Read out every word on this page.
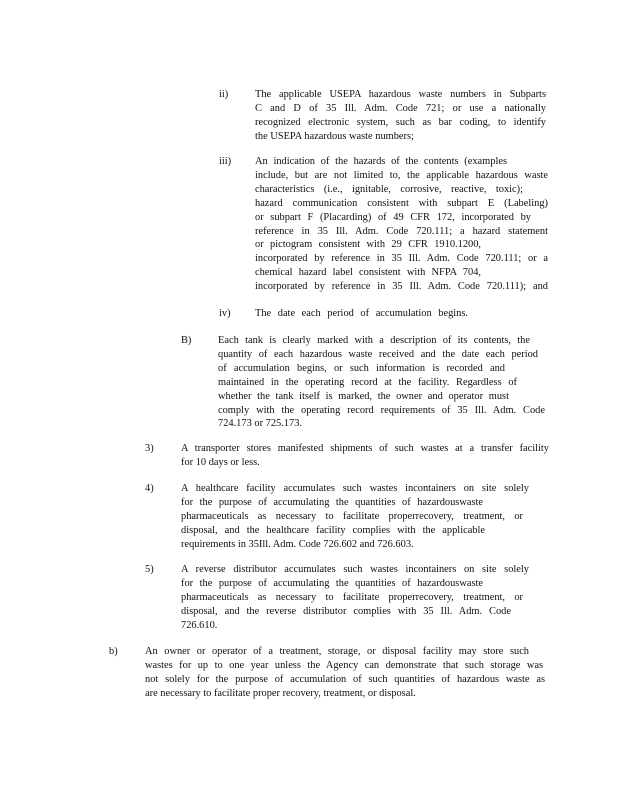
ii)	The applicable USEPA hazardous waste numbers in Subparts
C and D of 35 Ill. Adm. Code 721; or use a nationally
recognized electronic system, such as bar coding, to identify
the USEPA hazardous waste numbers;
iii) An indication of the hazards of the contents (examples
include, but are not limited to, the applicable hazardous waste
characteristics (i.e., ignitable, corrosive, reactive, toxic);
hazard communication consistent with subpart E (Labeling)
or subpart F (Placarding) of 49 CFR 172, incorporated by
reference in 35 Ill. Adm. Code 720.111; a hazard statement
or pictogram consistent with 29 CFR 1910.1200,
incorporated by reference in 35 Ill. Adm. Code 720.111; or a
chemical hazard label consistent with NFPA 704,
incorporated by reference in 35 Ill. Adm. Code 720.111); and
iv) The date each period of accumulation begins.
B)	Each tank is clearly marked with a description of its contents, the
quantity of each hazardous waste received and the date each period
of accumulation begins, or such information is recorded and
maintained in the operating record at the facility. Regardless of
whether the tank itself is marked, the owner and operator must
comply with the operating record requirements of 35 Ill. Adm. Code
724.173 or 725.173.
3)	A transporter stores manifested shipments of such wastes at a transfer facility
for 10 days or less.
4)	A healthcare facility accumulates such wastes incontainers on site solely
for the purpose of accumulating the quantities of hazardouswaste
pharmaceuticals as necessary to facilitate properrecovery, treatment, or
disposal, and the healthcare facility complies with the applicable
requirements in 35Ill. Adm. Code 726.602 and 726.603.
5)	A reverse distributor accumulates such wastes incontainers on site solely
for the purpose of accumulating the quantities of hazardouswaste
pharmaceuticals as necessary to facilitate properrecovery, treatment, or
disposal, and the reverse distributor complies with 35 Ill. Adm. Code
726.610.
b)	An owner or operator of a treatment, storage, or disposal facility may store such
wastes for up to one year unless the Agency can demonstrate that such storage was
not solely for the purpose of accumulation of such quantities of hazardous waste as
are necessary to facilitate proper recovery, treatment, or disposal.
